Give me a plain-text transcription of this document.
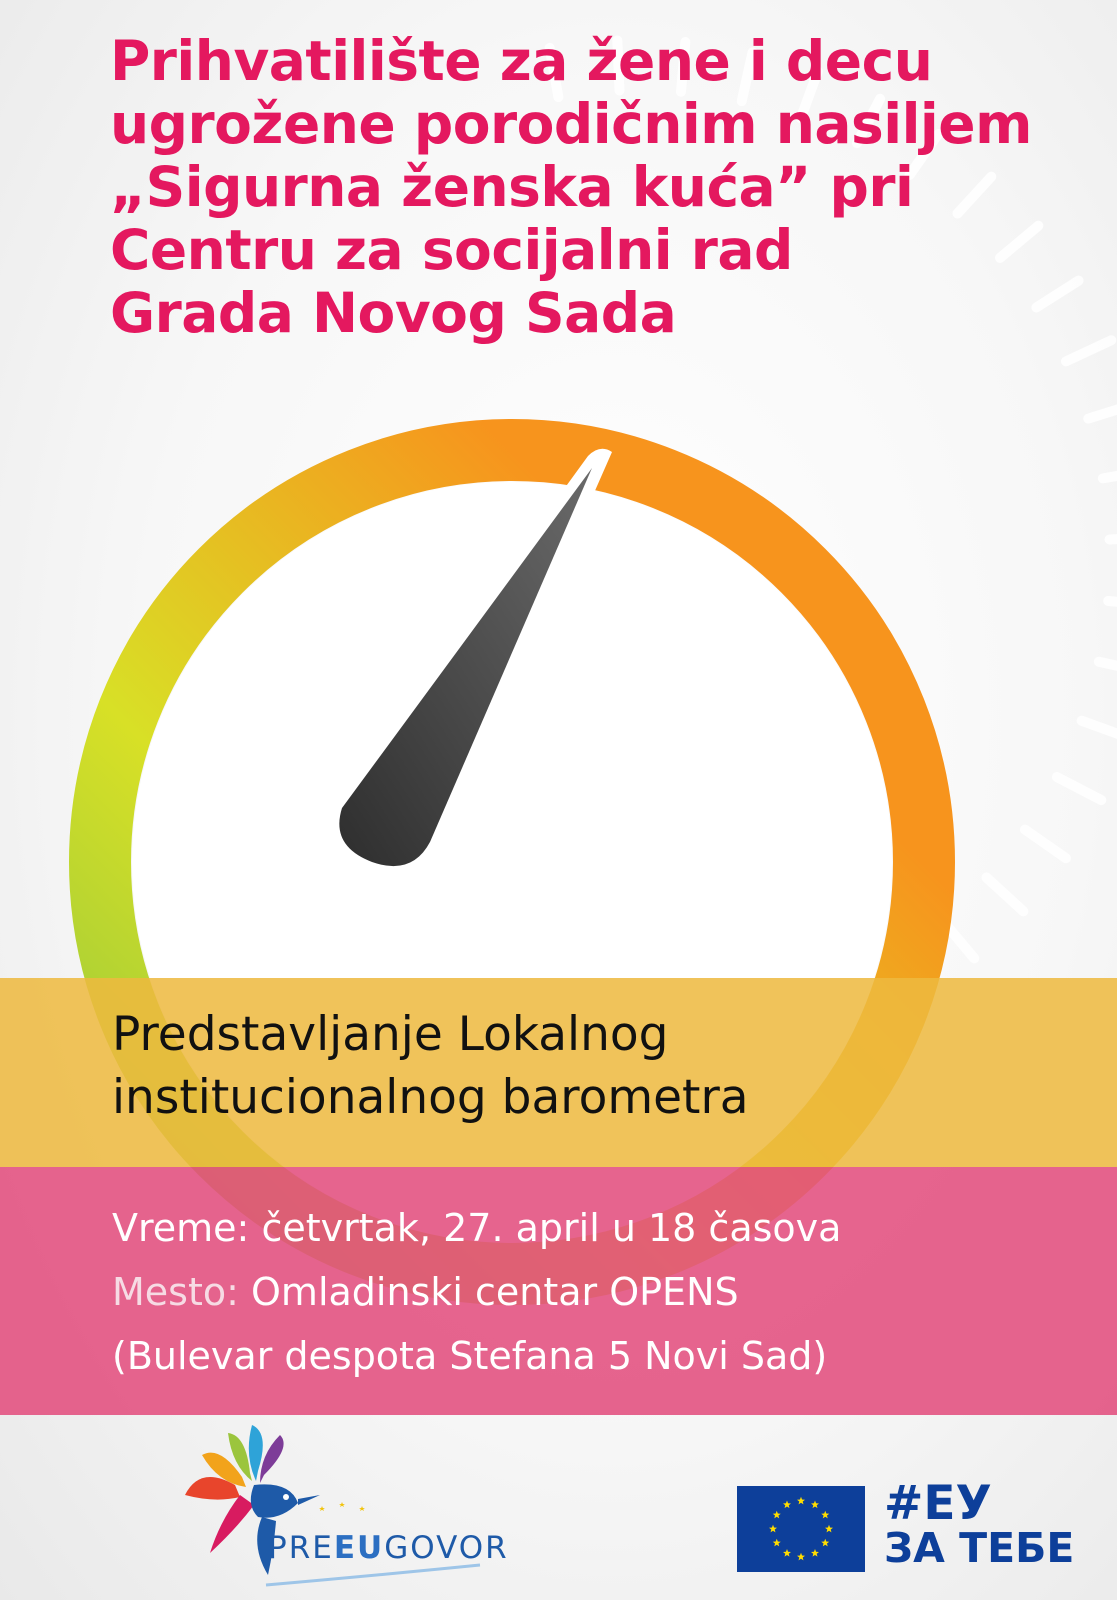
Prihvatilište za žene i decu
ugrožene porodičnim nasiljem
„Sigurna ženska kuća” pri
Centru za socijalni rad
Grada Novog Sada
Predstavljanje Lokalnog
institucionalnog barometra
Vreme: četvrtak, 27. april u 18 časova
Mesto: Omladinski centar OPENS
(Bulevar despota Stefana 5 Novi Sad)
PREEUGOVOR
#ЕУ
ЗА ТЕБЕ
